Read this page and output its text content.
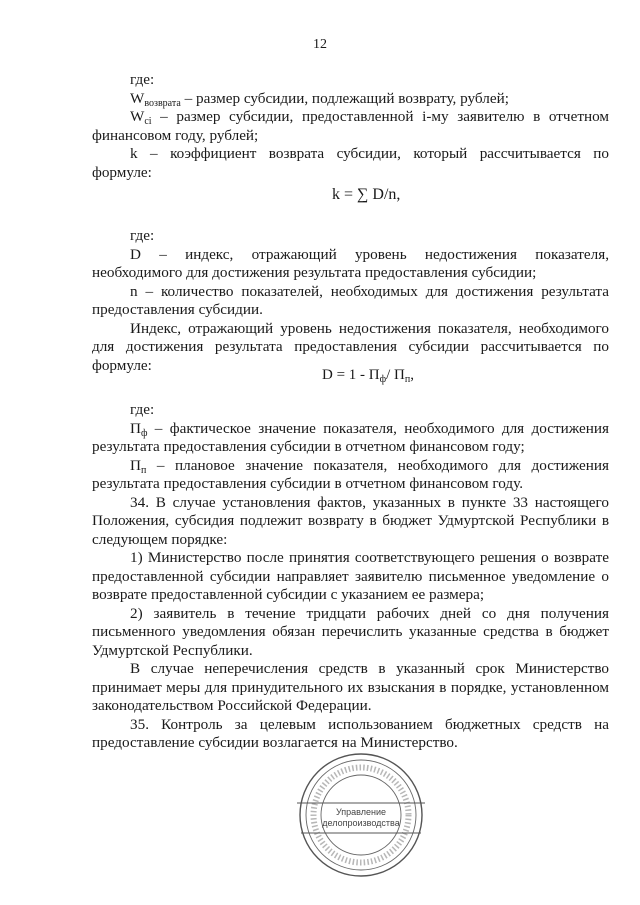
12

где:

$W_{возврата}$ – размер субсидии, подлежащий возврату, рублей;

$W_{ci}$ – размер субсидии, предоставленной i-му заявителю в отчетном финансовом году, рублей;

k – коэффициент возврата субсидии, который рассчитывается по формуле:

k = ∑ D/n,

где:

D – индекс, отражающий уровень недостижения показателя, необходимого для достижения результата предоставления субсидии;

n – количество показателей, необходимых для достижения результата предоставления субсидии.

Индекс, отражающий уровень недостижения показателя, необходимого для достижения результата предоставления субсидии рассчитывается по формуле:

$D = 1 - П_ф/$ $П_п$,

где:

$П_ф$ – фактическое значение показателя, необходимого для достижения результата предоставления субсидии в отчетном финансовом году;

$П_п$ – плановое значение показателя, необходимого для достижения результата предоставления субсидии в отчетном финансовом году.

34. В случае установления фактов, указанных в пункте 33 настоящего Положения, субсидия подлежит возврату в бюджет Удмуртской Республики в следующем порядке:

1) Министерство после принятия соответствующего решения о возврате предоставленной субсидии направляет заявителю письменное уведомление о возврате предоставленной субсидии с указанием ее размера;

2) заявитель в течение тридцати рабочих дней со дня получения письменного уведомления обязан перечислить указанные средства в бюджет Удмуртской Республики.

В случае неперечисления средств в указанный срок Министерство принимает меры для принудительного их взыскания в порядке, установленном законодательством Российской Федерации.

35. Контроль за целевым использованием бюджетных средств на предоставление субсидии возлагается на Министерство.

Управление
делопроизводства
